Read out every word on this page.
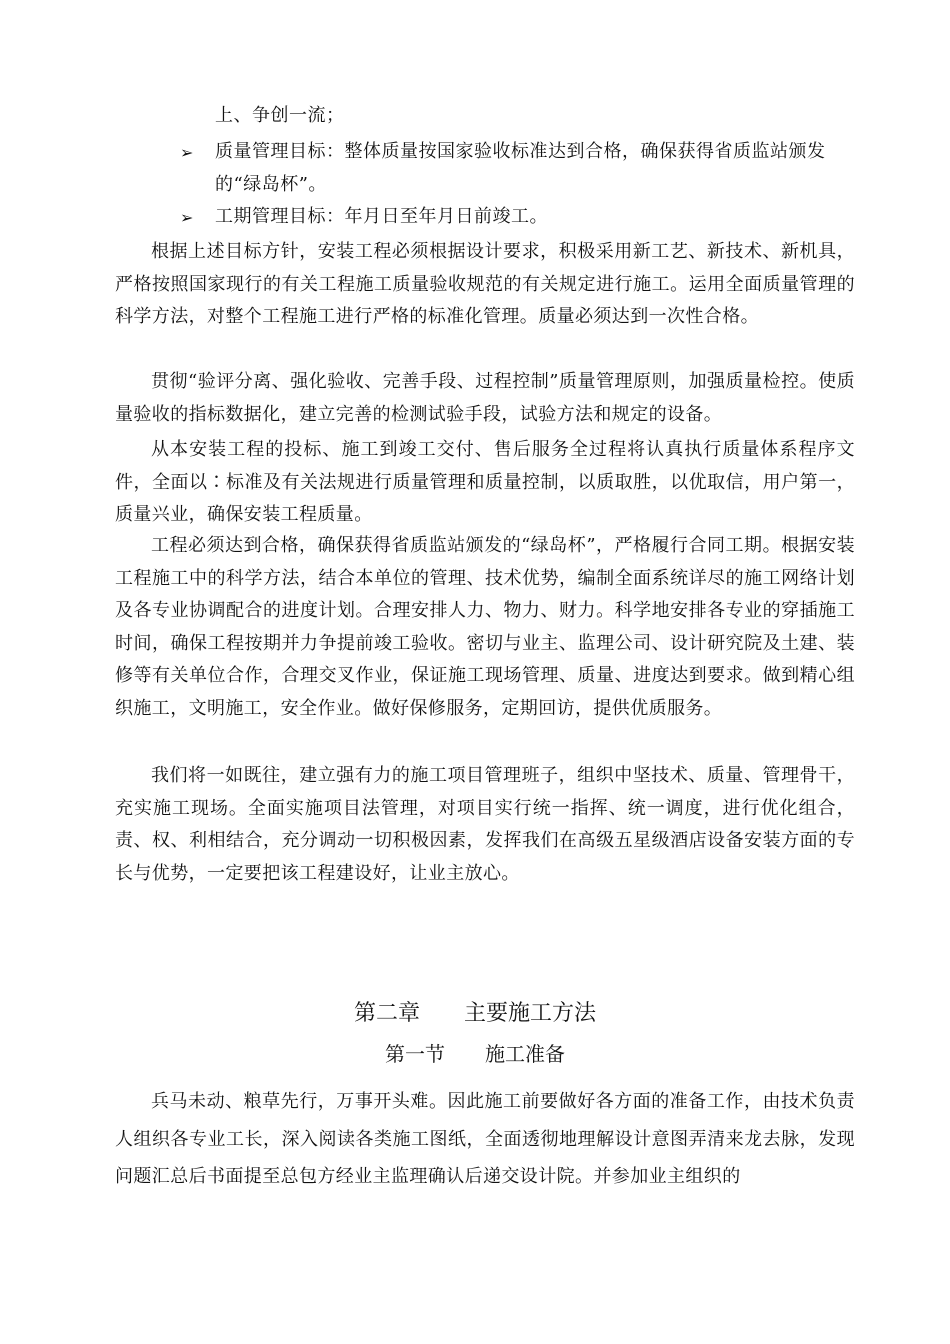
上、争创一流；
➢ 质量管理目标：整体质量按国家验收标准达到合格，确保获得省质监站颁发
的“绿岛杯”。
➢ 工期管理目标：年月日至年月日前竣工。
根据上述目标方针，安装工程必须根据设计要求，积极采用新工艺、新技术、新机具，严格按照国家现行的有关工程施工质量验收规范的有关规定进行施工。运用全面质量管理的科学方法，对整个工程施工进行严格的标准化管理。质量必须达到一次性合格。
贯彻“验评分离、强化验收、完善手段、过程控制”质量管理原则，加强质量检控。使质量验收的指标数据化，建立完善的检测试验手段，试验方法和规定的设备。
从本安装工程的投标、施工到竣工交付、售后服务全过程将认真执行质量体系程序文件，全面以∶标准及有关法规进行质量管理和质量控制，以质取胜，以优取信，用户第一，质量兴业，确保安装工程质量。
工程必须达到合格，确保获得省质监站颁发的“绿岛杯”，严格履行合同工期。根据安装工程施工中的科学方法，结合本单位的管理、技术优势，编制全面系统详尽的施工网络计划及各专业协调配合的进度计划。合理安排人力、物力、财力。科学地安排各专业的穿插施工时间，确保工程按期并力争提前竣工验收。密切与业主、监理公司、设计研究院及土建、装修等有关单位合作，合理交叉作业，保证施工现场管理、质量、进度达到要求。做到精心组织施工，文明施工，安全作业。做好保修服务，定期回访，提供优质服务。
我们将一如既往，建立强有力的施工项目管理班子，组织中坚技术、质量、管理骨干，充实施工现场。全面实施项目法管理，对项目实行统一指挥、统一调度，进行优化组合，责、权、利相结合，充分调动一切积极因素，发挥我们在高级五星级酒店设备安装方面的专长与优势，一定要把该工程建设好，让业主放心。
第二章　　主要施工方法
第一节　　施工准备
兵马未动、粮草先行，万事开头难。因此施工前要做好各方面的准备工作，由技术负责人组织各专业工长，深入阅读各类施工图纸，全面透彻地理解设计意图弄清来龙去脉，发现问题汇总后书面提至总包方经业主监理确认后递交设计院。并参加业主组织的
